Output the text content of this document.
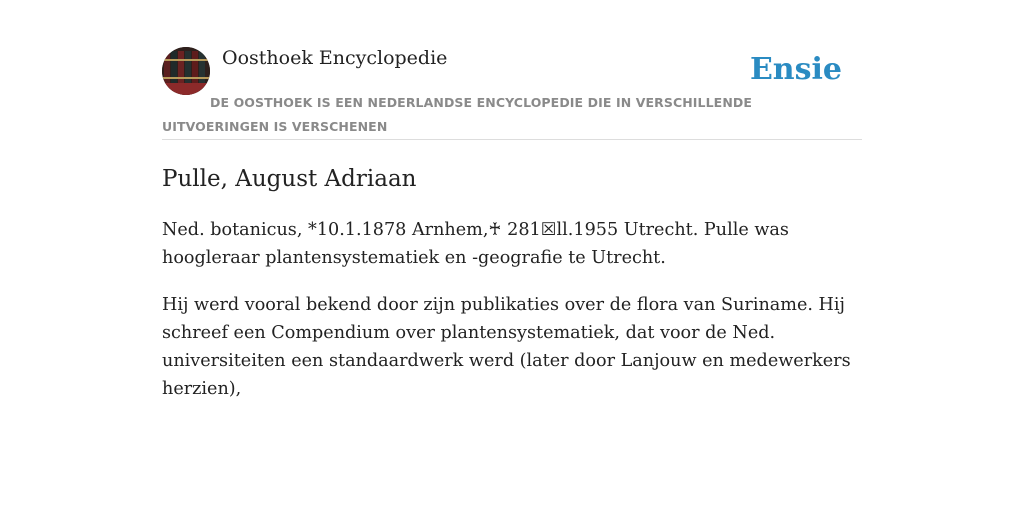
Oosthoek Encyclopedie	Ensie
DE OOSTHOEK IS EEN NEDERLANDSE ENCYCLOPEDIE DIE IN VERSCHILLENDE UITVOERINGEN IS VERSCHENEN
Pulle, August Adriaan

Ned. botanicus, *10.1.1878 Arnhem,♰ 281☒ll.1955 Utrecht. Pulle was hoogleraar plantensystematiek en -geografie te Utrecht.

Hij werd vooral bekend door zijn publikaties over de flora van Suriname. Hij schreef een Compendium over plantensystematiek, dat voor de Ned. universiteiten een standaardwerk werd (later door Lanjouw en medewerkers herzien),
